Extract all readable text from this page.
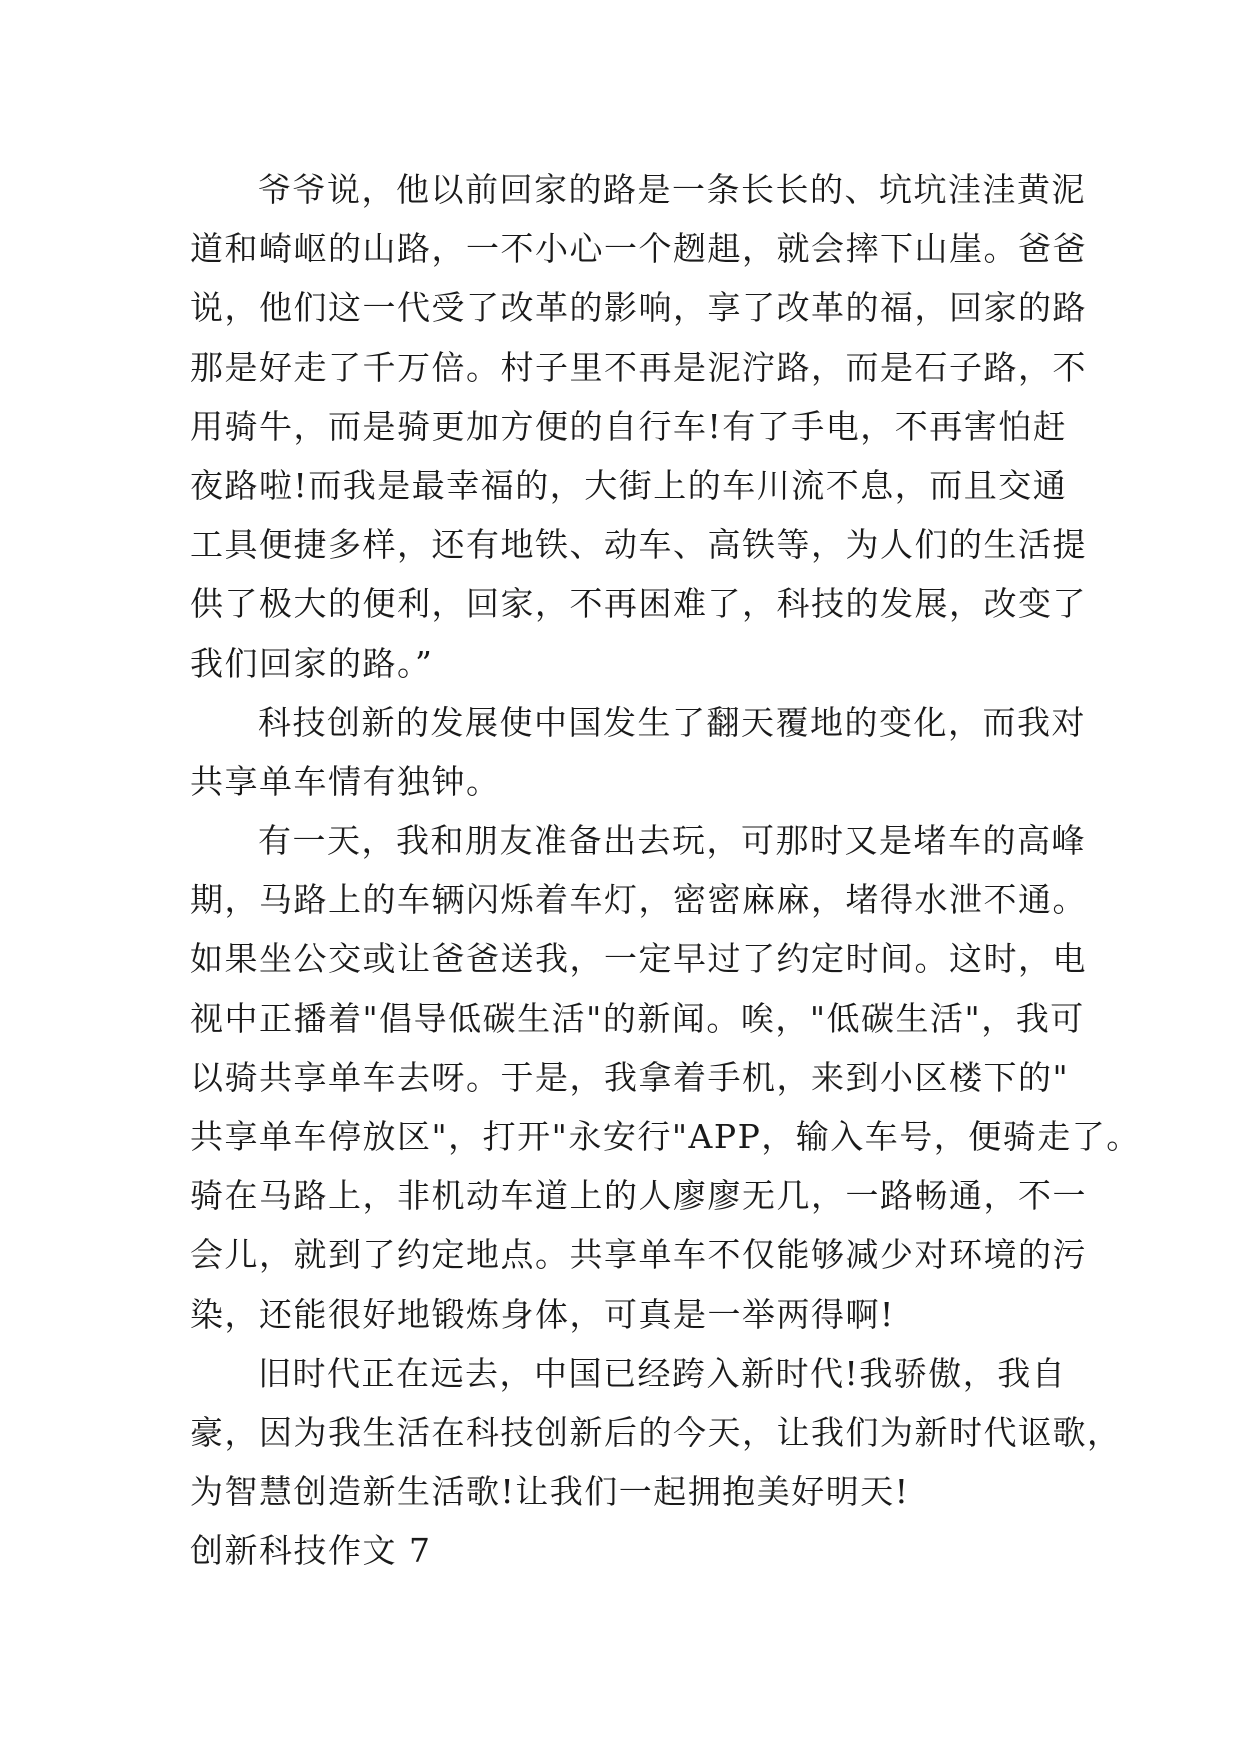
爷爷说，他以前回家的路是一条长长的、坑坑洼洼黄泥
道和崎岖的山路，一不小心一个趔趄，就会摔下山崖。爸爸
说，他们这一代受了改革的影响，享了改革的福，回家的路
那是好走了千万倍。村子里不再是泥泞路，而是石子路，不
用骑牛，而是骑更加方便的自行车!有了手电，不再害怕赶
夜路啦!而我是最幸福的，大街上的车川流不息，而且交通
工具便捷多样，还有地铁、动车、高铁等，为人们的生活提
供了极大的便利，回家，不再困难了，科技的发展，改变了
我们回家的路。”
科技创新的发展使中国发生了翻天覆地的变化，而我对
共享单车情有独钟。
有一天，我和朋友准备出去玩，可那时又是堵车的高峰
期，马路上的车辆闪烁着车灯，密密麻麻，堵得水泄不通。
如果坐公交或让爸爸送我，一定早过了约定时间。这时，电
视中正播着"倡导低碳生活"的新闻。唉，"低碳生活"，我可
以骑共享单车去呀。于是，我拿着手机，来到小区楼下的"
共享单车停放区"，打开"永安行"APP，输入车号，便骑走了。
骑在马路上，非机动车道上的人廖廖无几，一路畅通，不一
会儿，就到了约定地点。共享单车不仅能够减少对环境的污
染，还能很好地锻炼身体，可真是一举两得啊!
旧时代正在远去，中国已经跨入新时代!我骄傲，我自
豪，因为我生活在科技创新后的今天，让我们为新时代讴歌，
为智慧创造新生活歌!让我们一起拥抱美好明天!
创新科技作文 7
